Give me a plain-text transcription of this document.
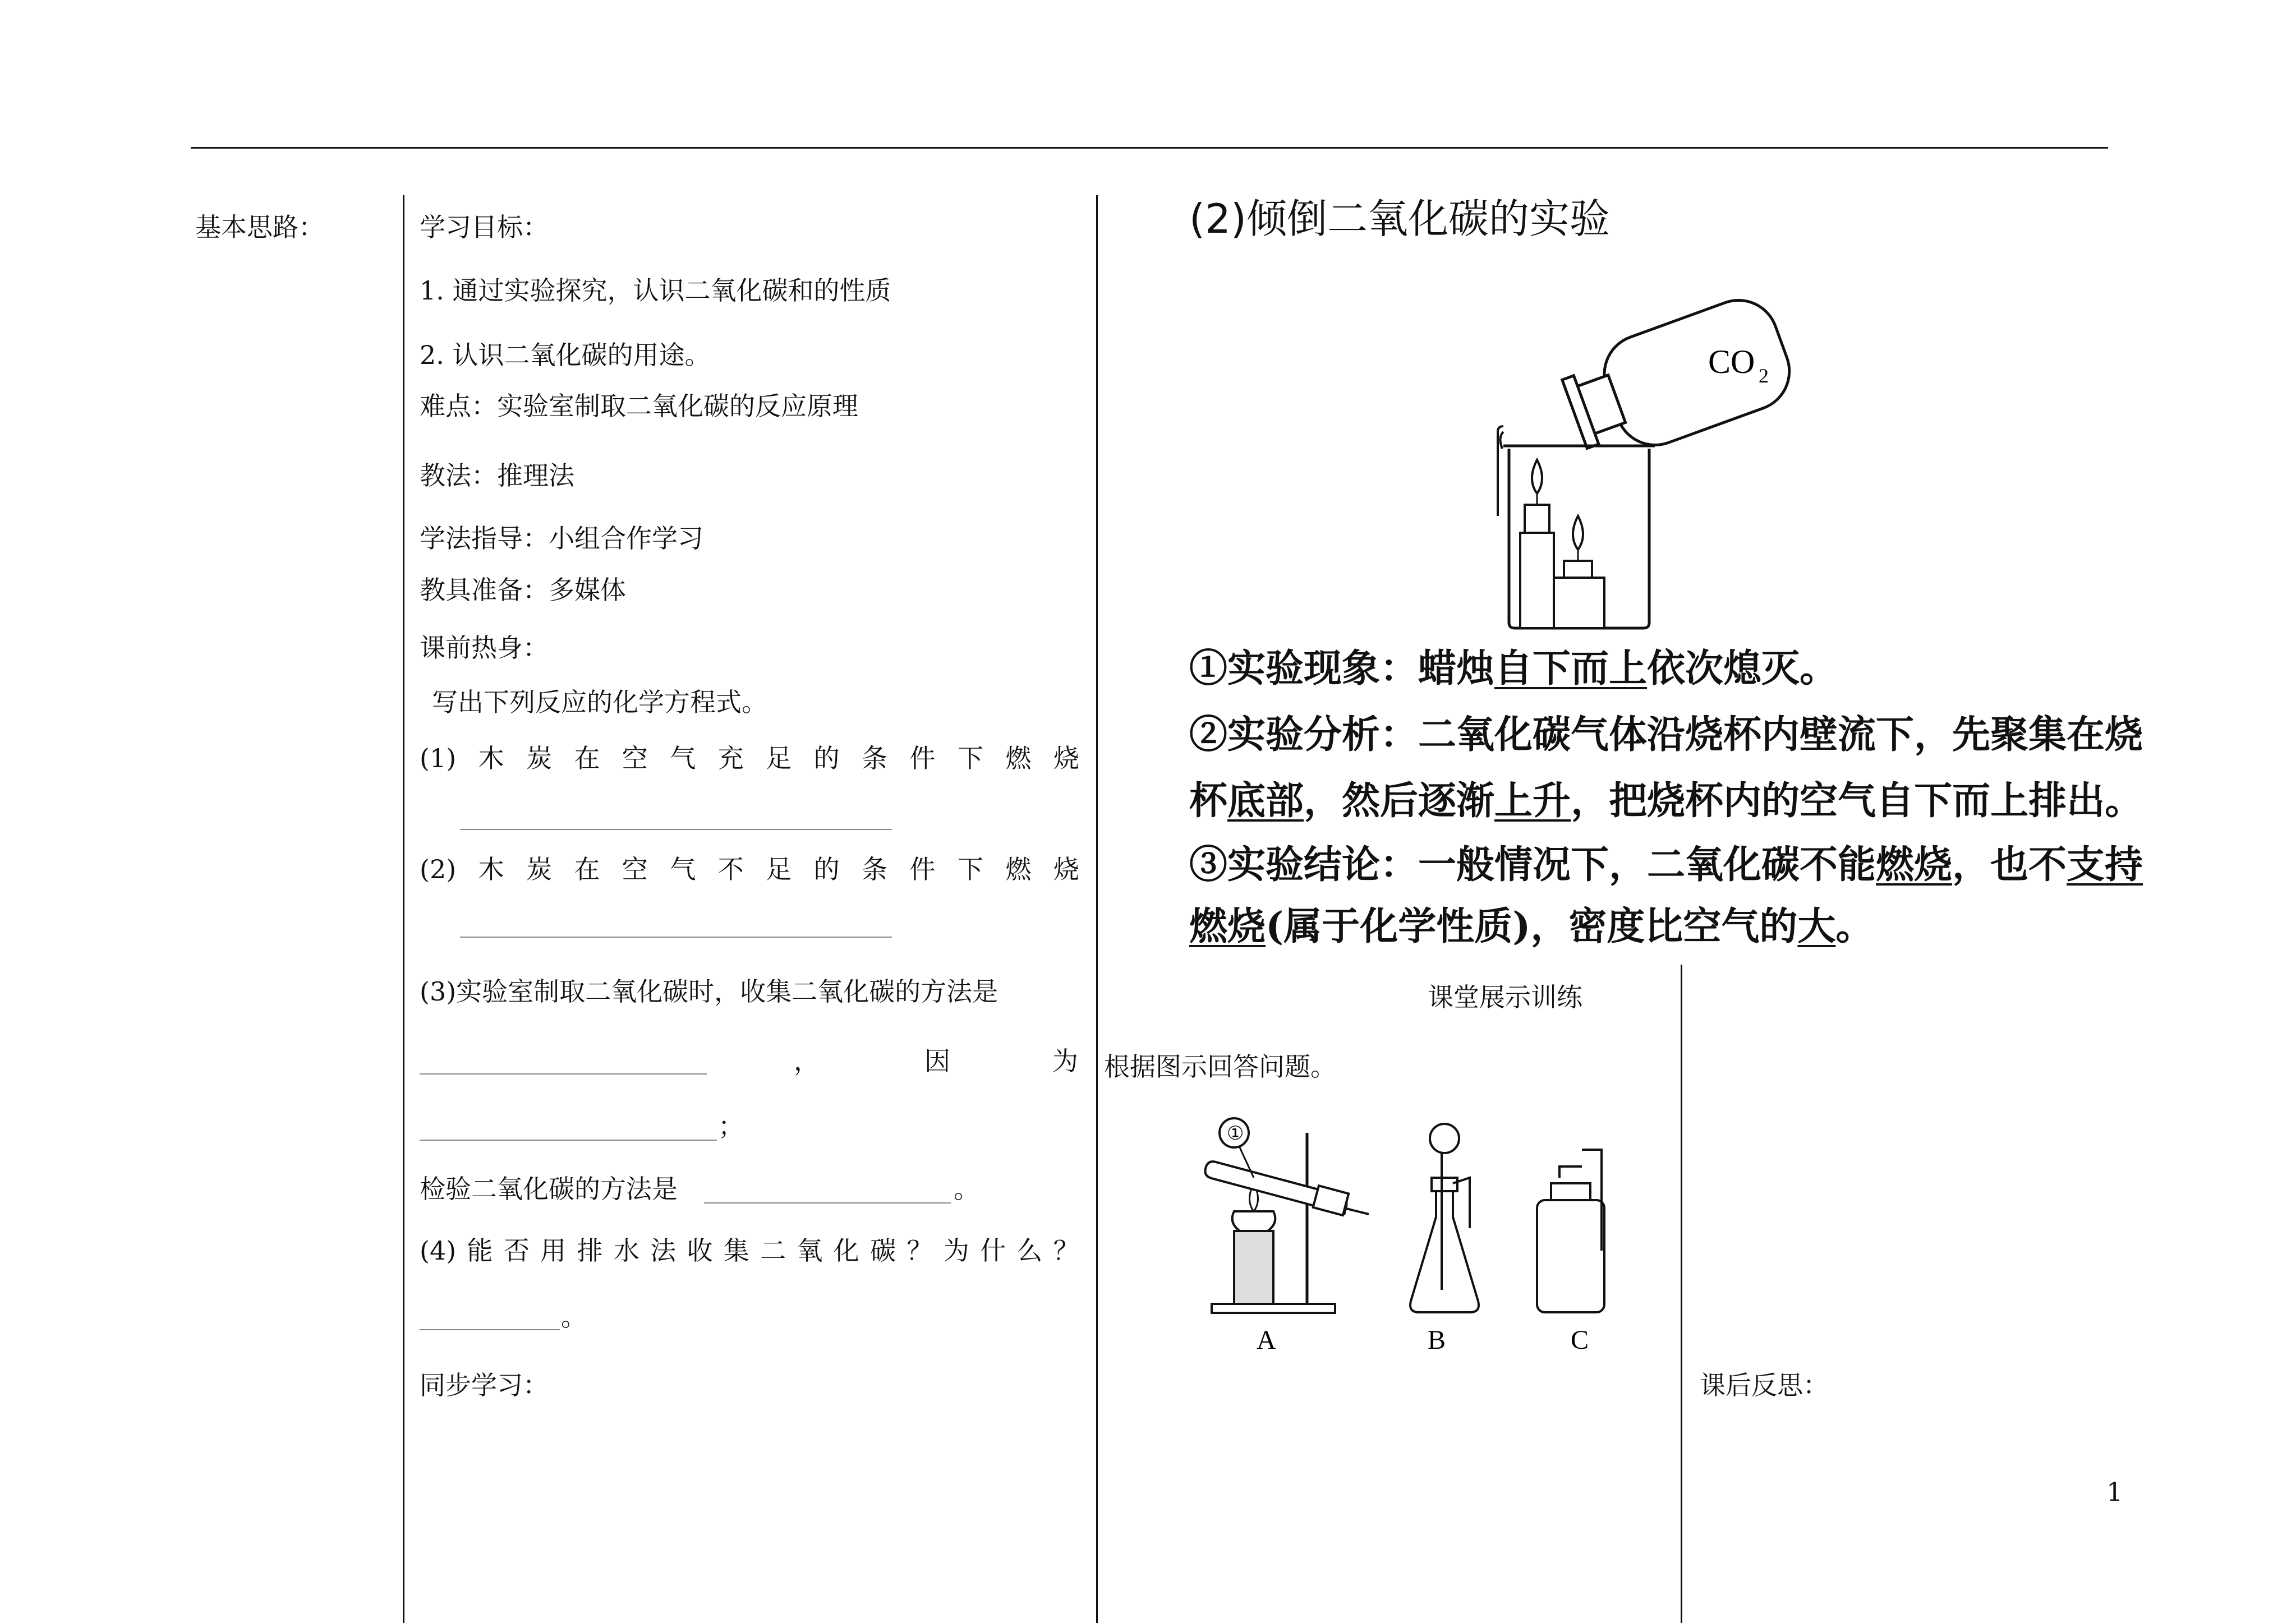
基本思路：	学习目标：
1. 通过实验探究，认识二氧化碳和的性质
2. 认识二氧化碳的用途。
难点：实验室制取二氧化碳的反应原理
教法：推理法
学法指导：小组合作学习
教具准备：多媒体
课前热身：
写出下列反应的化学方程式。
(1) 木 炭 在 空 气 充 足 的 条 件 下 燃 烧
(2) 木 炭 在 空 气 不 足 的 条 件 下 燃 烧
(3)实验室制取二氧化碳时，收集二氧化碳的方法是
，	因	为
；
检验二氧化碳的方法是	。
(4) 能 否 用 排 水 法 收 集 二 氧 化 碳 ？ 为 什 么 ？
。
同步学习：
(2)倾倒二氧化碳的实验
CO 2
①实验现象：蜡烛自下而上依次熄灭。
②实验分析：二氧化碳气体沿烧杯内壁流下，先聚集在烧
杯底部，然后逐渐上升，把烧杯内的空气自下而上排出。
③实验结论：一般情况下，二氧化碳不能燃烧，也不支持
燃烧(属于化学性质)，密度比空气的大。
课堂展示训练
根据图示回答问题。
①
A	B	C
课后反思：
1
